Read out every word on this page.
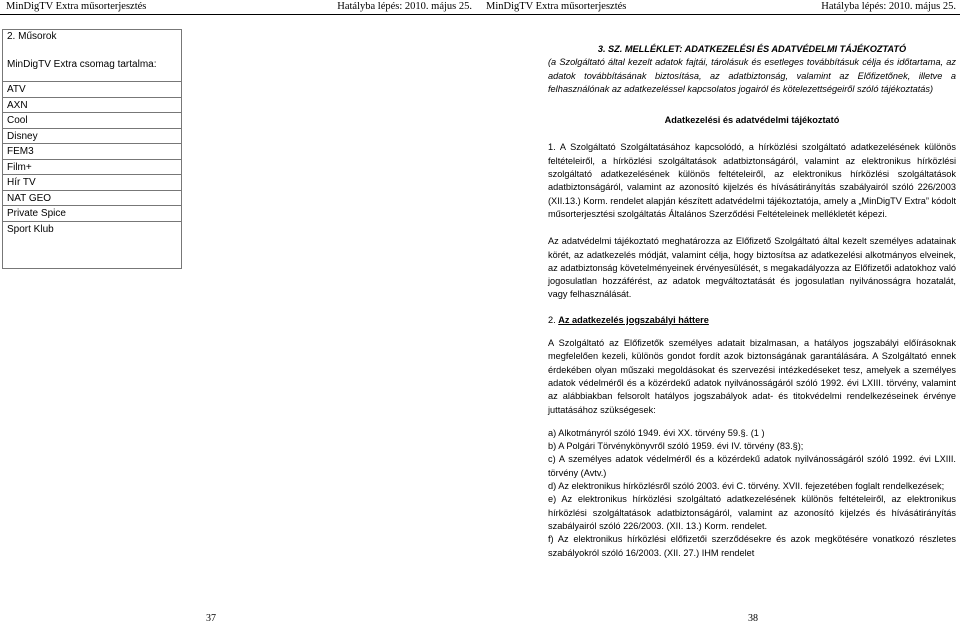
MinDigTV Extra műsorterjesztés	Hatályba lépés: 2010. május 25. MinDigTV Extra műsorterjesztés	Hatályba lépés: 2010. május 25.
2. Műsorok
MinDigTV Extra csomag tartalma:
ATV
AXN
Cool
Disney
FEM3
Film+
Hír TV
NAT GEO
Private Spice
Sport Klub

3. SZ. MELLÉKLET: ADATKEZELÉSI ÉS ADATVÉDELMI TÁJÉKOZTATÓ

(a Szolgáltató által kezelt adatok fajtái, tárolásuk és esetleges továbbításuk célja és időtartama, az adatok továbbításának biztosítása, az adatbiztonság, valamint az Előfizetőnek, illetve a felhasználónak az adatkezeléssel kapcsolatos jogairól és kötelezettségeiről szóló tájékoztatás)

Adatkezelési és adatvédelmi tájékoztató

1. A Szolgáltató Szolgáltatásához kapcsolódó, a hírközlési szolgáltató adatkezelésének különös feltételeiről, a hírközlési szolgáltatások adatbiztonságáról, valamint az elektronikus hírközlési szolgáltató adatkezelésének különös feltételeiről, az elektronikus hírközlési szolgáltatások adatbiztonságáról, valamint az azonosító kijelzés és hívásátirányítás szabályairól szóló 226/2003 (XII.13.) Korm. rendelet alapján készített adatvédelmi tájékoztatója, amely a „MinDigTV Extra” kódolt műsorterjesztési szolgáltatás Általános Szerződési Feltételeinek mellékletét képezi.

Az adatvédelmi tájékoztató meghatározza az Előfizető Szolgáltató által kezelt személyes adatainak körét, az adatkezelés módját, valamint célja, hogy biztosítsa az adatkezelési alkotmányos elveinek, az adatbiztonság követelményeinek érvényesülését, s megakadályozza az Előfizetői adatokhoz való jogosulatlan hozzáférést, az adatok megváltoztatását és jogosulatlan nyilvánosságra hozatalát, vagy felhasználását.

2. Az adatkezelés jogszabályi háttere

A Szolgáltató az Előfizetők személyes adatait bizalmasan, a hatályos jogszabályi előírásoknak megfelelően kezeli, különös gondot fordít azok biztonságának garantálására. A Szolgáltató ennek érdekében olyan műszaki megoldásokat és szervezési intézkedéseket tesz, amelyek a személyes adatok védelméről és a közérdekű adatok nyilvánosságáról szóló 1992. évi LXIII. törvény, valamint az alábbiakban felsorolt hatályos jogszabályok adat- és titokvédelmi rendelkezéseinek érvénye juttatásához szükségesek:

a) Alkotmányról szóló 1949. évi XX. törvény 59.§. (1 )

b) A Polgári Törvénykönyvről szóló 1959. évi IV. törvény (83.§);

c) A személyes adatok védelméről és a közérdekű adatok nyilvánosságáról szóló 1992. évi LXIII. törvény (Avtv.)

d) Az elektronikus hírközlésről szóló 2003. évi C. törvény. XVII. fejezetében foglalt rendelkezések;

e) Az elektronikus hírközlési szolgáltató adatkezelésének különös feltételeiről, az elektronikus hírközlési szolgáltatások adatbiztonságáról, valamint az azonosító kijelzés és hívásátirányítás szabályairól szóló 226/2003. (XII. 13.) Korm. rendelet.

f) Az elektronikus hírközlési előfizetői szerződésekre és azok megkötésére vonatkozó részletes szabályokról szóló 16/2003. (XII. 27.) IHM rendelet

37	38
